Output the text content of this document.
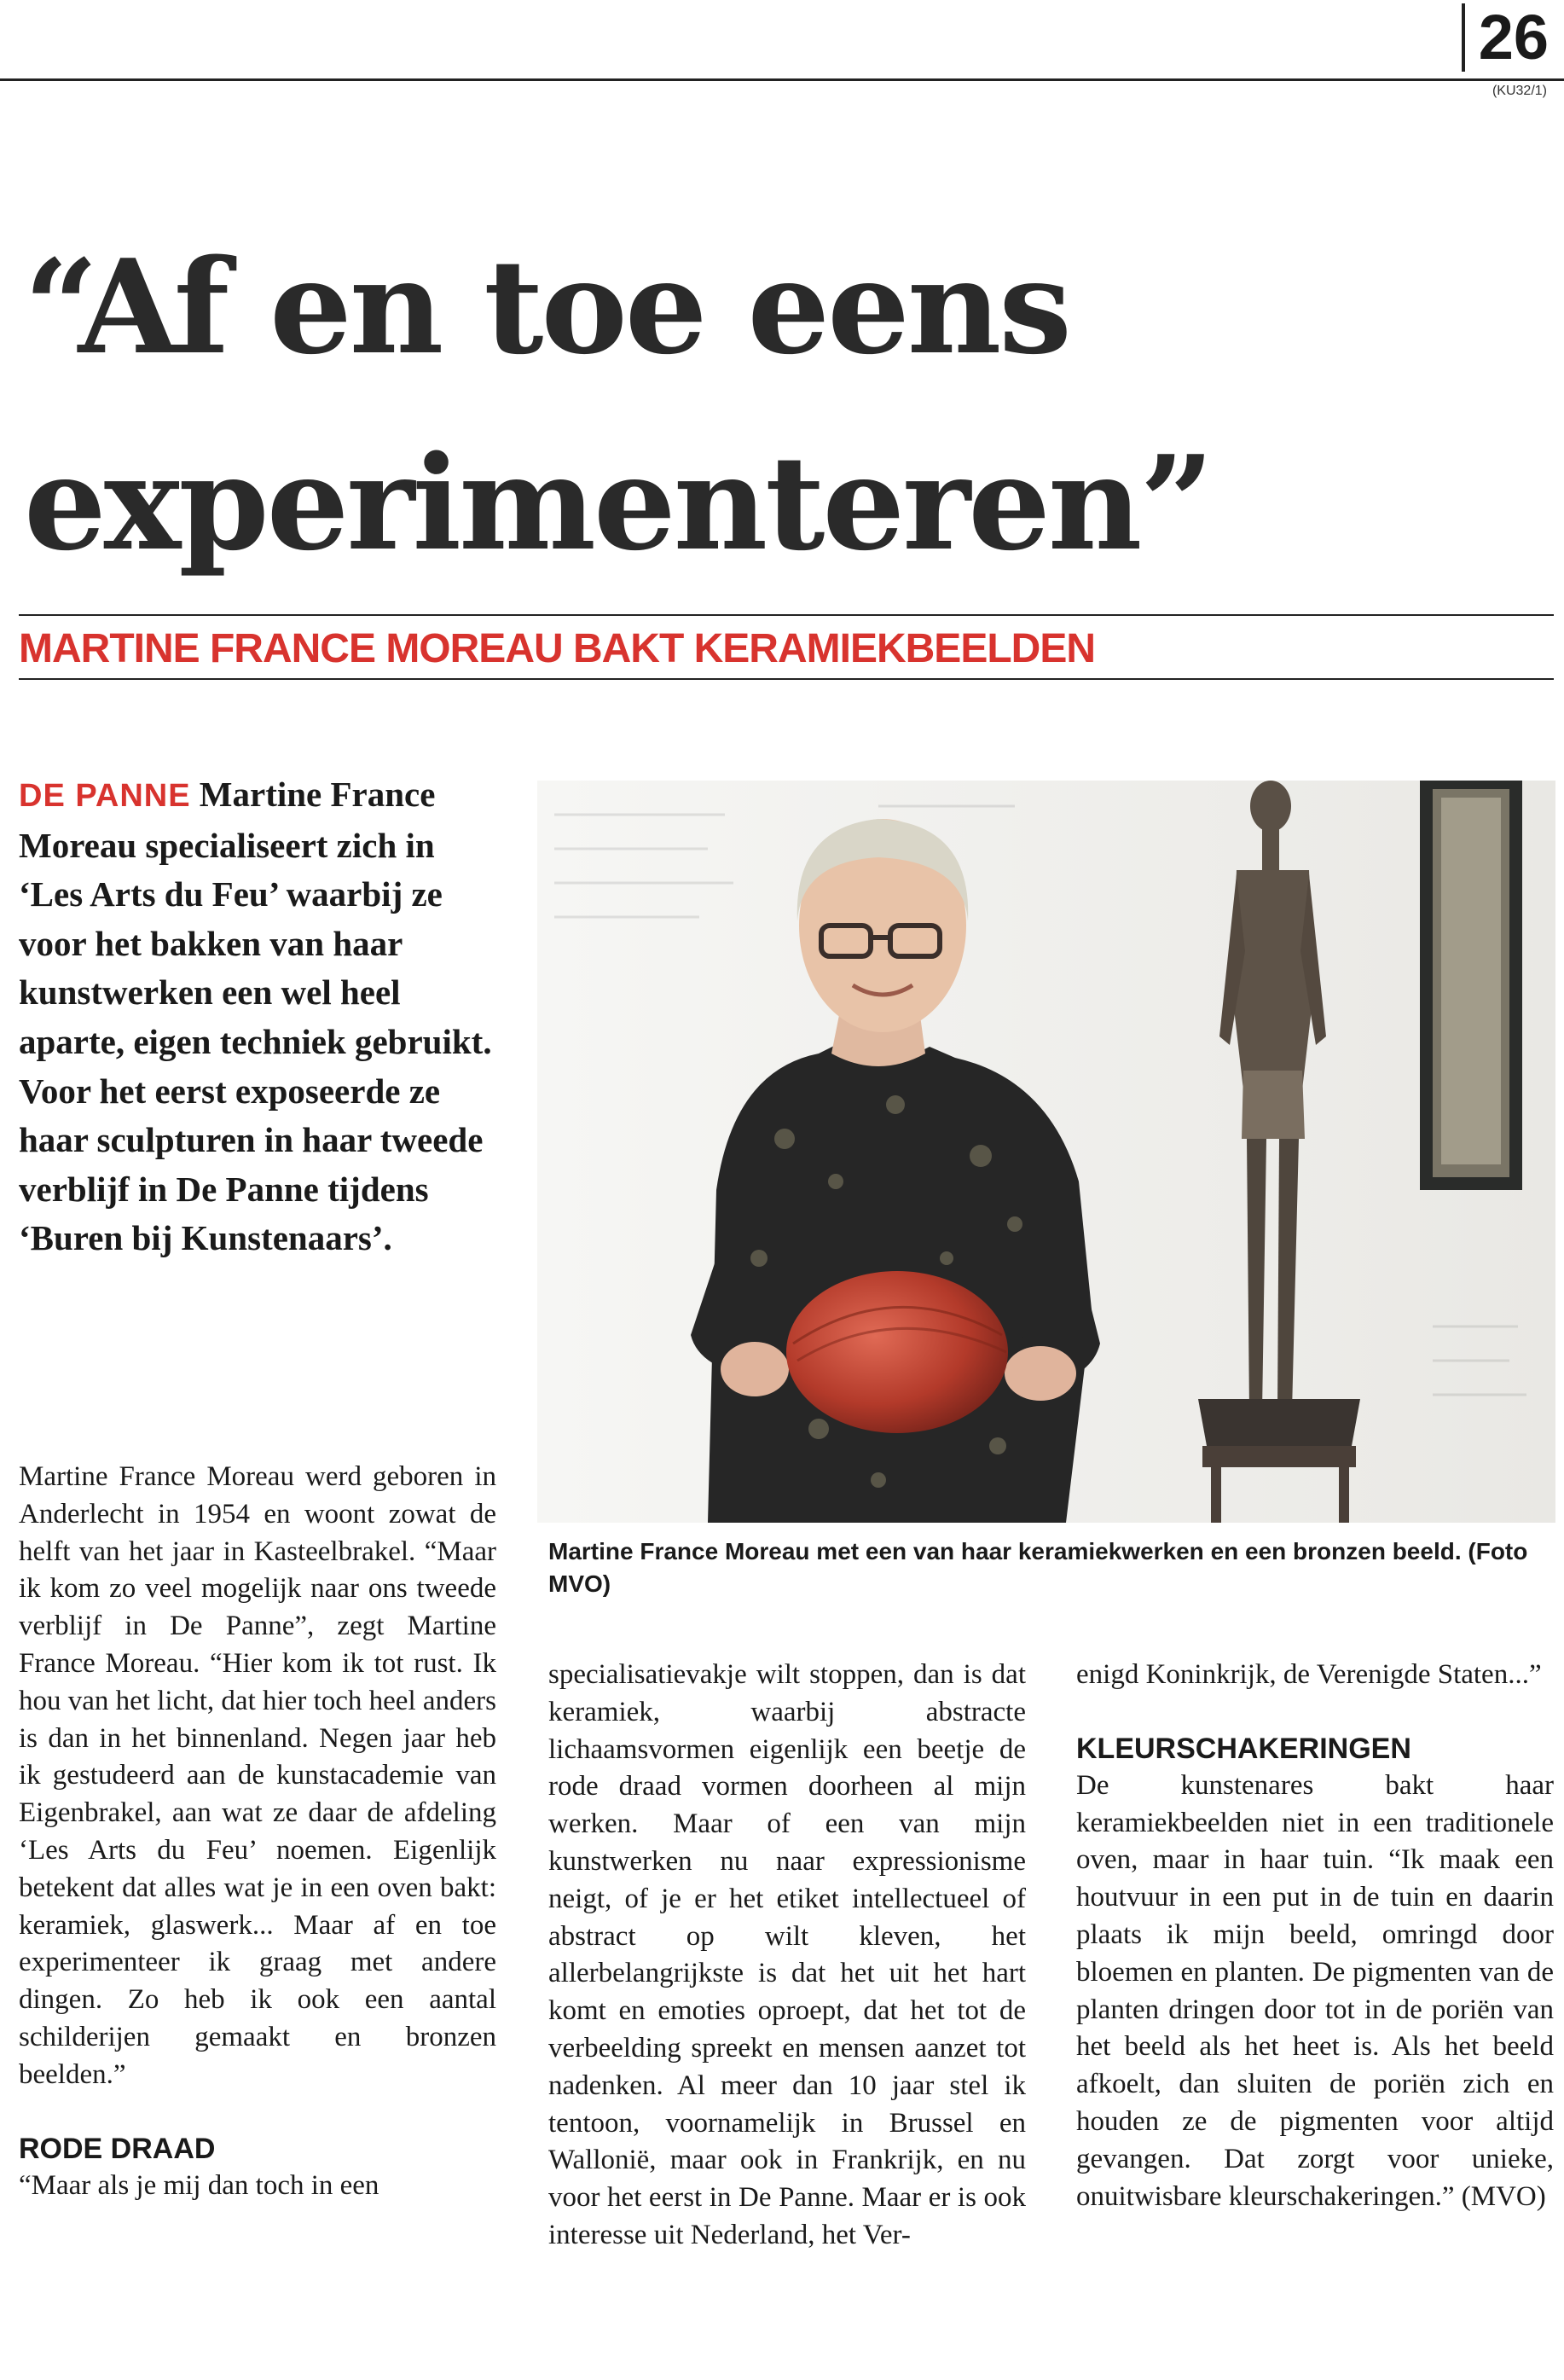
26
(KU32/1)
“Af en toe eens
experimenteren”
MARTINE FRANCE MOREAU BAKT KERAMIEKBEELDEN
DE PANNE Martine France Moreau specialiseert zich in ‘Les Arts du Feu’ waarbij ze voor het bakken van haar kunstwerken een wel heel aparte, eigen techniek gebruikt. Voor het eerst exposeerde ze haar sculpturen in haar tweede verblijf in De Panne tijdens ‘Buren bij Kunstenaars’.
Martine France Moreau met een van haar keramiekwerken en een bronzen beeld. (Foto MVO)
Martine France Moreau werd geboren in Anderlecht in 1954 en woont zowat de helft van het jaar in Kasteelbrakel. “Maar ik kom zo veel mogelijk naar ons tweede verblijf in De Panne”, zegt Martine France Moreau. “Hier kom ik tot rust. Ik hou van het licht, dat hier toch heel anders is dan in het binnenland. Negen jaar heb ik gestudeerd aan de kunstacademie van Eigenbrakel, aan wat ze daar de afdeling ‘Les Arts du Feu’ noemen. Eigenlijk betekent dat alles wat je in een oven bakt: keramiek, glaswerk... Maar af en toe experimenteer ik graag met andere dingen. Zo heb ik ook een aantal schilderijen gemaakt en bronzen beelden.”
RODE DRAAD
“Maar als je mij dan toch in een
specialisatievakje wilt stoppen, dan is dat keramiek, waarbij abstracte lichaamsvormen eigenlijk een beetje de rode draad vormen doorheen al mijn werken. Maar of een van mijn kunstwerken nu naar expressionisme neigt, of je er het etiket intellectueel of abstract op wilt kleven, het allerbelangrijkste is dat het uit het hart komt en emoties oproept, dat het tot de verbeelding spreekt en mensen aanzet tot nadenken. Al meer dan 10 jaar stel ik tentoon, voornamelijk in Brussel en Wallonië, maar ook in Frankrijk, en nu voor het eerst in De Panne. Maar er is ook interesse uit Nederland, het Ver-
enigd Koninkrijk, de Verenigde Staten...”
KLEURSCHAKERINGEN
De kunstenares bakt haar keramiekbeelden niet in een traditionele oven, maar in haar tuin. “Ik maak een houtvuur in een put in de tuin en daarin plaats ik mijn beeld, omringd door bloemen en planten. De pigmenten van de planten dringen door tot in de poriën van het beeld als het heet is. Als het beeld afkoelt, dan sluiten de poriën zich en houden ze de pigmenten voor altijd gevangen. Dat zorgt voor unieke, onuitwisbare kleurschakeringen.” (MVO)
